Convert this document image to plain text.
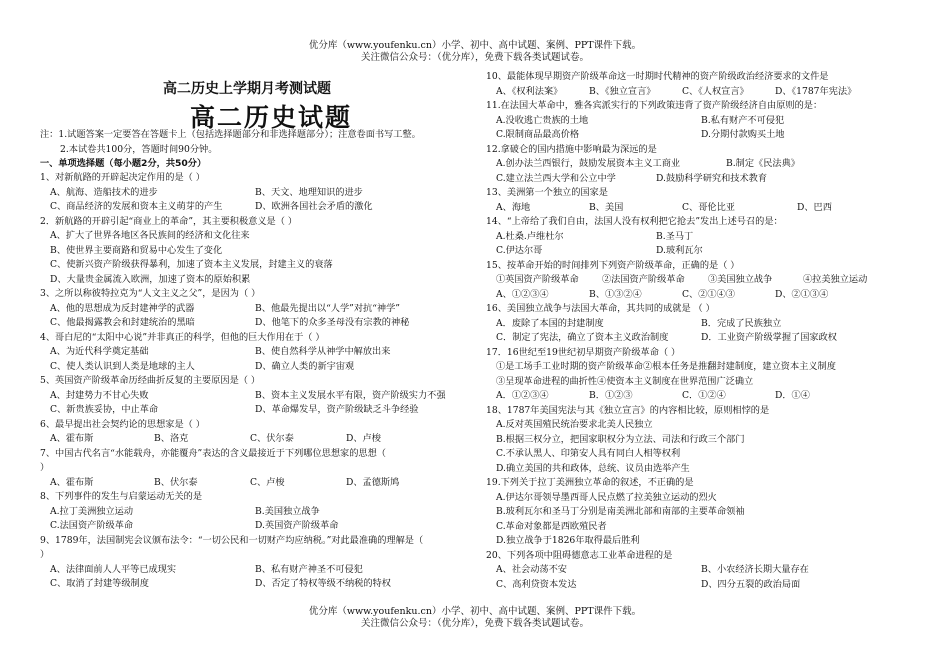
优分库（www.youfenku.cn）小学、初中、高中试题、案例、PPT课件下载。
关注微信公众号：（优分库），免费下载各类试题试卷。
高二历史上学期月考测试题
高二历史试题
注：1.试题答案一定要答在答题卡上（包括选择题部分和非选择题部分）；注意卷面书写工整。
2.本试卷共100分，答题时间90分钟。
一、单项选择题（每小题2分，共50分）
1、对新航路的开辟起决定作用的是（ ）
A、航海、造船技术的进步	B、天文、地理知识的进步
C、商品经济的发展和资本主义萌芽的产生	D、欧洲各国社会矛盾的激化
2．新航路的开辟引起“商业上的革命”，其主要积极意义是（ ）
A、扩大了世界各地区各民族间的经济和文化往来
B、使世界主要商路和贸易中心发生了变化
C、使新兴资产阶级获得暴利，加速了资本主义发展，封建主义的衰落
D、大量贵金属流入欧洲，加速了资本的原始积累
3、之所以称彼特拉克为“人文主义之父”，是因为（ ）
A、他的思想成为反封建神学的武器	B、他最先提出以“人学”对抗“神学”
C、他最揭露教会和封建统治的黑暗	D、他笔下的众多圣母没有宗教的神秘
4、哥白尼的“太阳中心说”并非真正的科学，但他的巨大作用在于（ ）
A、为近代科学奠定基础	B、使自然科学从神学中解放出来
C、使人类认识到人类是地球的主人	D、确立人类的新宇宙观
5、英国资产阶级革命历经曲折反复的主要原因是（ ）
A、封建势力不甘心失败	B、资本主义发展水平有限，资产阶级实力不强
C、新贵族妥协，中止革命	D、革命爆发早，资产阶级缺乏斗争经验
6、最早提出社会契约论的思想家是（ ）
A、霍布斯	B、洛克	C、伏尔泰	D、卢梭
7、中国古代名言“水能载舟，亦能覆舟”表达的含义最接近于下列哪位思想家的思想（
）
A、霍布斯	B、伏尔泰	C、卢梭	D、孟德斯鸠
8、下列事件的发生与启蒙运动无关的是
A.拉丁美洲独立运动	B.美国独立战争
C.法国资产阶级革命	D.英国资产阶级革命
9、1789年，法国制宪会议颁布法令：“一切公民和一切财产均应纳税。”对此最准确的理解是（
）
A、法律面前人人平等已成现实	B、私有财产神圣不可侵犯
C、取消了封建等级制度	D、否定了特权等级不纳税的特权
10、最能体现早期资产阶级革命这一时期时代精神的资产阶级政治经济要求的文件是
A、《权利法案》	B、《独立宣言》	C、《人权宣言》	D、《1787年宪法》
11.在法国大革命中，雅各宾派实行的下列政策违背了资产阶级经济自由原则的是：
A.没收逃亡贵族的土地	B.私有财产不可侵犯
C.限制商品最高价格	D.分期付款购买土地
12.拿破仑的国内措施中影响最为深远的是
A.创办法兰西银行，鼓励发展资本主义工商业	B.制定《民法典》
C.建立法兰西大学和公立中学	D.鼓励科学研究和技术教育
13、美洲第一个独立的国家是
A、海地	B、美国	C、哥伦比亚	D、巴西
14、“上帝给了我们自由，法国人没有权利把它抢去”发出上述号召的是：
A.杜桑.卢维杜尔	B.圣马丁
C.伊达尔哥	D.玻利瓦尔
15、按革命开始的时间排列下列资产阶级革命，正确的是（ ）
①英国资产阶级革命	②法国资产阶级革命	③美国独立战争	④拉美独立运动
A、①②③④	B、①③②④	C、②①④③	D、②①③④
16、美国独立战争与法国大革命，其共同的成就是 （ ）
A．废除了本国的封建制度	B．完成了民族独立
C．制定了宪法，确立了资本主义政治制度	D．工业资产阶级掌握了国家政权
17．16世纪至19世纪初早期资产阶级革命（ ）
①是工场手工业时期的资产阶级革命②根本任务是推翻封建制度，建立资本主义制度
③呈现革命进程的曲折性④使资本主义制度在世界范围广泛确立
A．①②③④	B．①②③	C．①②④	D．①④
18、1787年美国宪法与其《独立宣言》的内容相比较，原则相悖的是
A.反对英国殖民统治要求北美人民独立
B.根据三权分立，把国家职权分为立法、司法和行政三个部门
C.不承认黑人、印第安人具有同白人相等权利
D.确立美国的共和政体，总统、议员由选举产生
19.下列关于拉丁美洲独立革命的叙述，不正确的是
A.伊达尔哥领导墨西哥人民点燃了拉美独立运动的烈火
B.玻利瓦尔和圣马丁分别是南美洲北部和南部的主要革命领袖
C.革命对象都是西欧殖民者
D.独立战争于1826年取得最后胜利
20、下列各项中阻碍德意志工业革命进程的是
A、社会动荡不安	B、小农经济长期大量存在
C、高利贷资本发达	D、四分五裂的政治局面
优分库（www.youfenku.cn）小学、初中、高中试题、案例、PPT课件下载。
关注微信公众号：（优分库），免费下载各类试题试卷。
